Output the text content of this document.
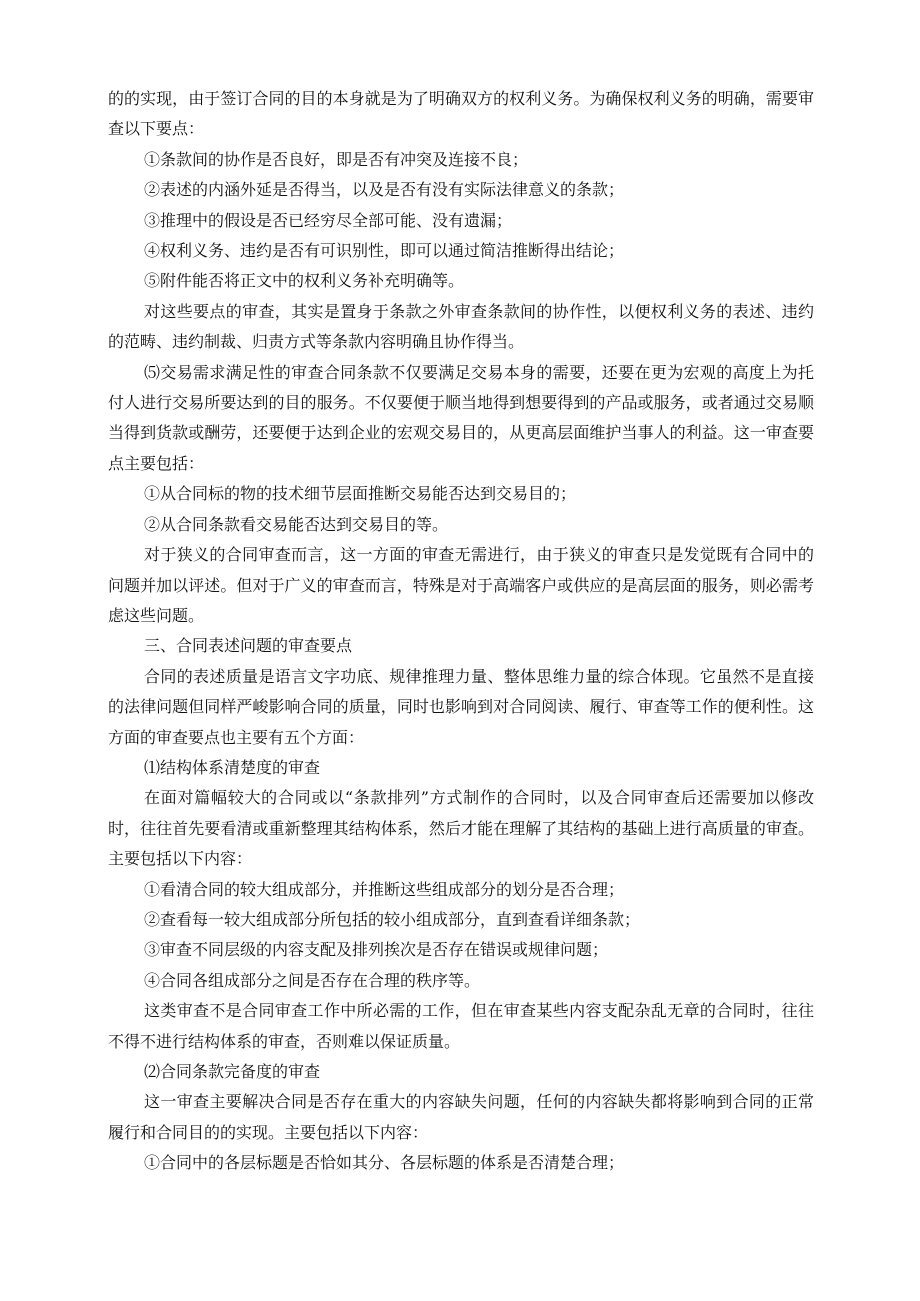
的的实现，由于签订合同的目的本身就是为了明确双方的权利义务。为确保权利义务的明确，需要审查以下要点：

①条款间的协作是否良好，即是否有冲突及连接不良；

②表述的内涵外延是否得当，以及是否有没有实际法律意义的条款；

③推理中的假设是否已经穷尽全部可能、没有遗漏；

④权利义务、违约是否有可识别性，即可以通过简洁推断得出结论；

⑤附件能否将正文中的权利义务补充明确等。

对这些要点的审查，其实是置身于条款之外审查条款间的协作性，以便权利义务的表述、违约的范畴、违约制裁、归责方式等条款内容明确且协作得当。

⑸交易需求满足性的审查合同条款不仅要满足交易本身的需要，还要在更为宏观的高度上为托付人进行交易所要达到的目的服务。不仅要便于顺当地得到想要得到的产品或服务，或者通过交易顺当得到货款或酬劳，还要便于达到企业的宏观交易目的，从更高层面维护当事人的利益。这一审查要点主要包括：

①从合同标的物的技术细节层面推断交易能否达到交易目的；

②从合同条款看交易能否达到交易目的等。

对于狭义的合同审查而言，这一方面的审查无需进行，由于狭义的审查只是发觉既有合同中的问题并加以评述。但对于广义的审查而言，特殊是对于高端客户或供应的是高层面的服务，则必需考虑这些问题。

三、合同表述问题的审查要点

合同的表述质量是语言文字功底、规律推理力量、整体思维力量的综合体现。它虽然不是直接的法律问题但同样严峻影响合同的质量，同时也影响到对合同阅读、履行、审查等工作的便利性。这方面的审查要点也主要有五个方面：

⑴结构体系清楚度的审查

在面对篇幅较大的合同或以“条款排列”方式制作的合同时，以及合同审查后还需要加以修改时，往往首先要看清或重新整理其结构体系，然后才能在理解了其结构的基础上进行高质量的审查。主要包括以下内容：

①看清合同的较大组成部分，并推断这些组成部分的划分是否合理；

②查看每一较大组成部分所包括的较小组成部分，直到查看详细条款；

③审查不同层级的内容支配及排列挨次是否存在错误或规律问题；

④合同各组成部分之间是否存在合理的秩序等。

这类审查不是合同审查工作中所必需的工作，但在审查某些内容支配杂乱无章的合同时，往往不得不进行结构体系的审查，否则难以保证质量。

⑵合同条款完备度的审查

这一审查主要解决合同是否存在重大的内容缺失问题，任何的内容缺失都将影响到合同的正常履行和合同目的的实现。主要包括以下内容：

①合同中的各层标题是否恰如其分、各层标题的体系是否清楚合理；
